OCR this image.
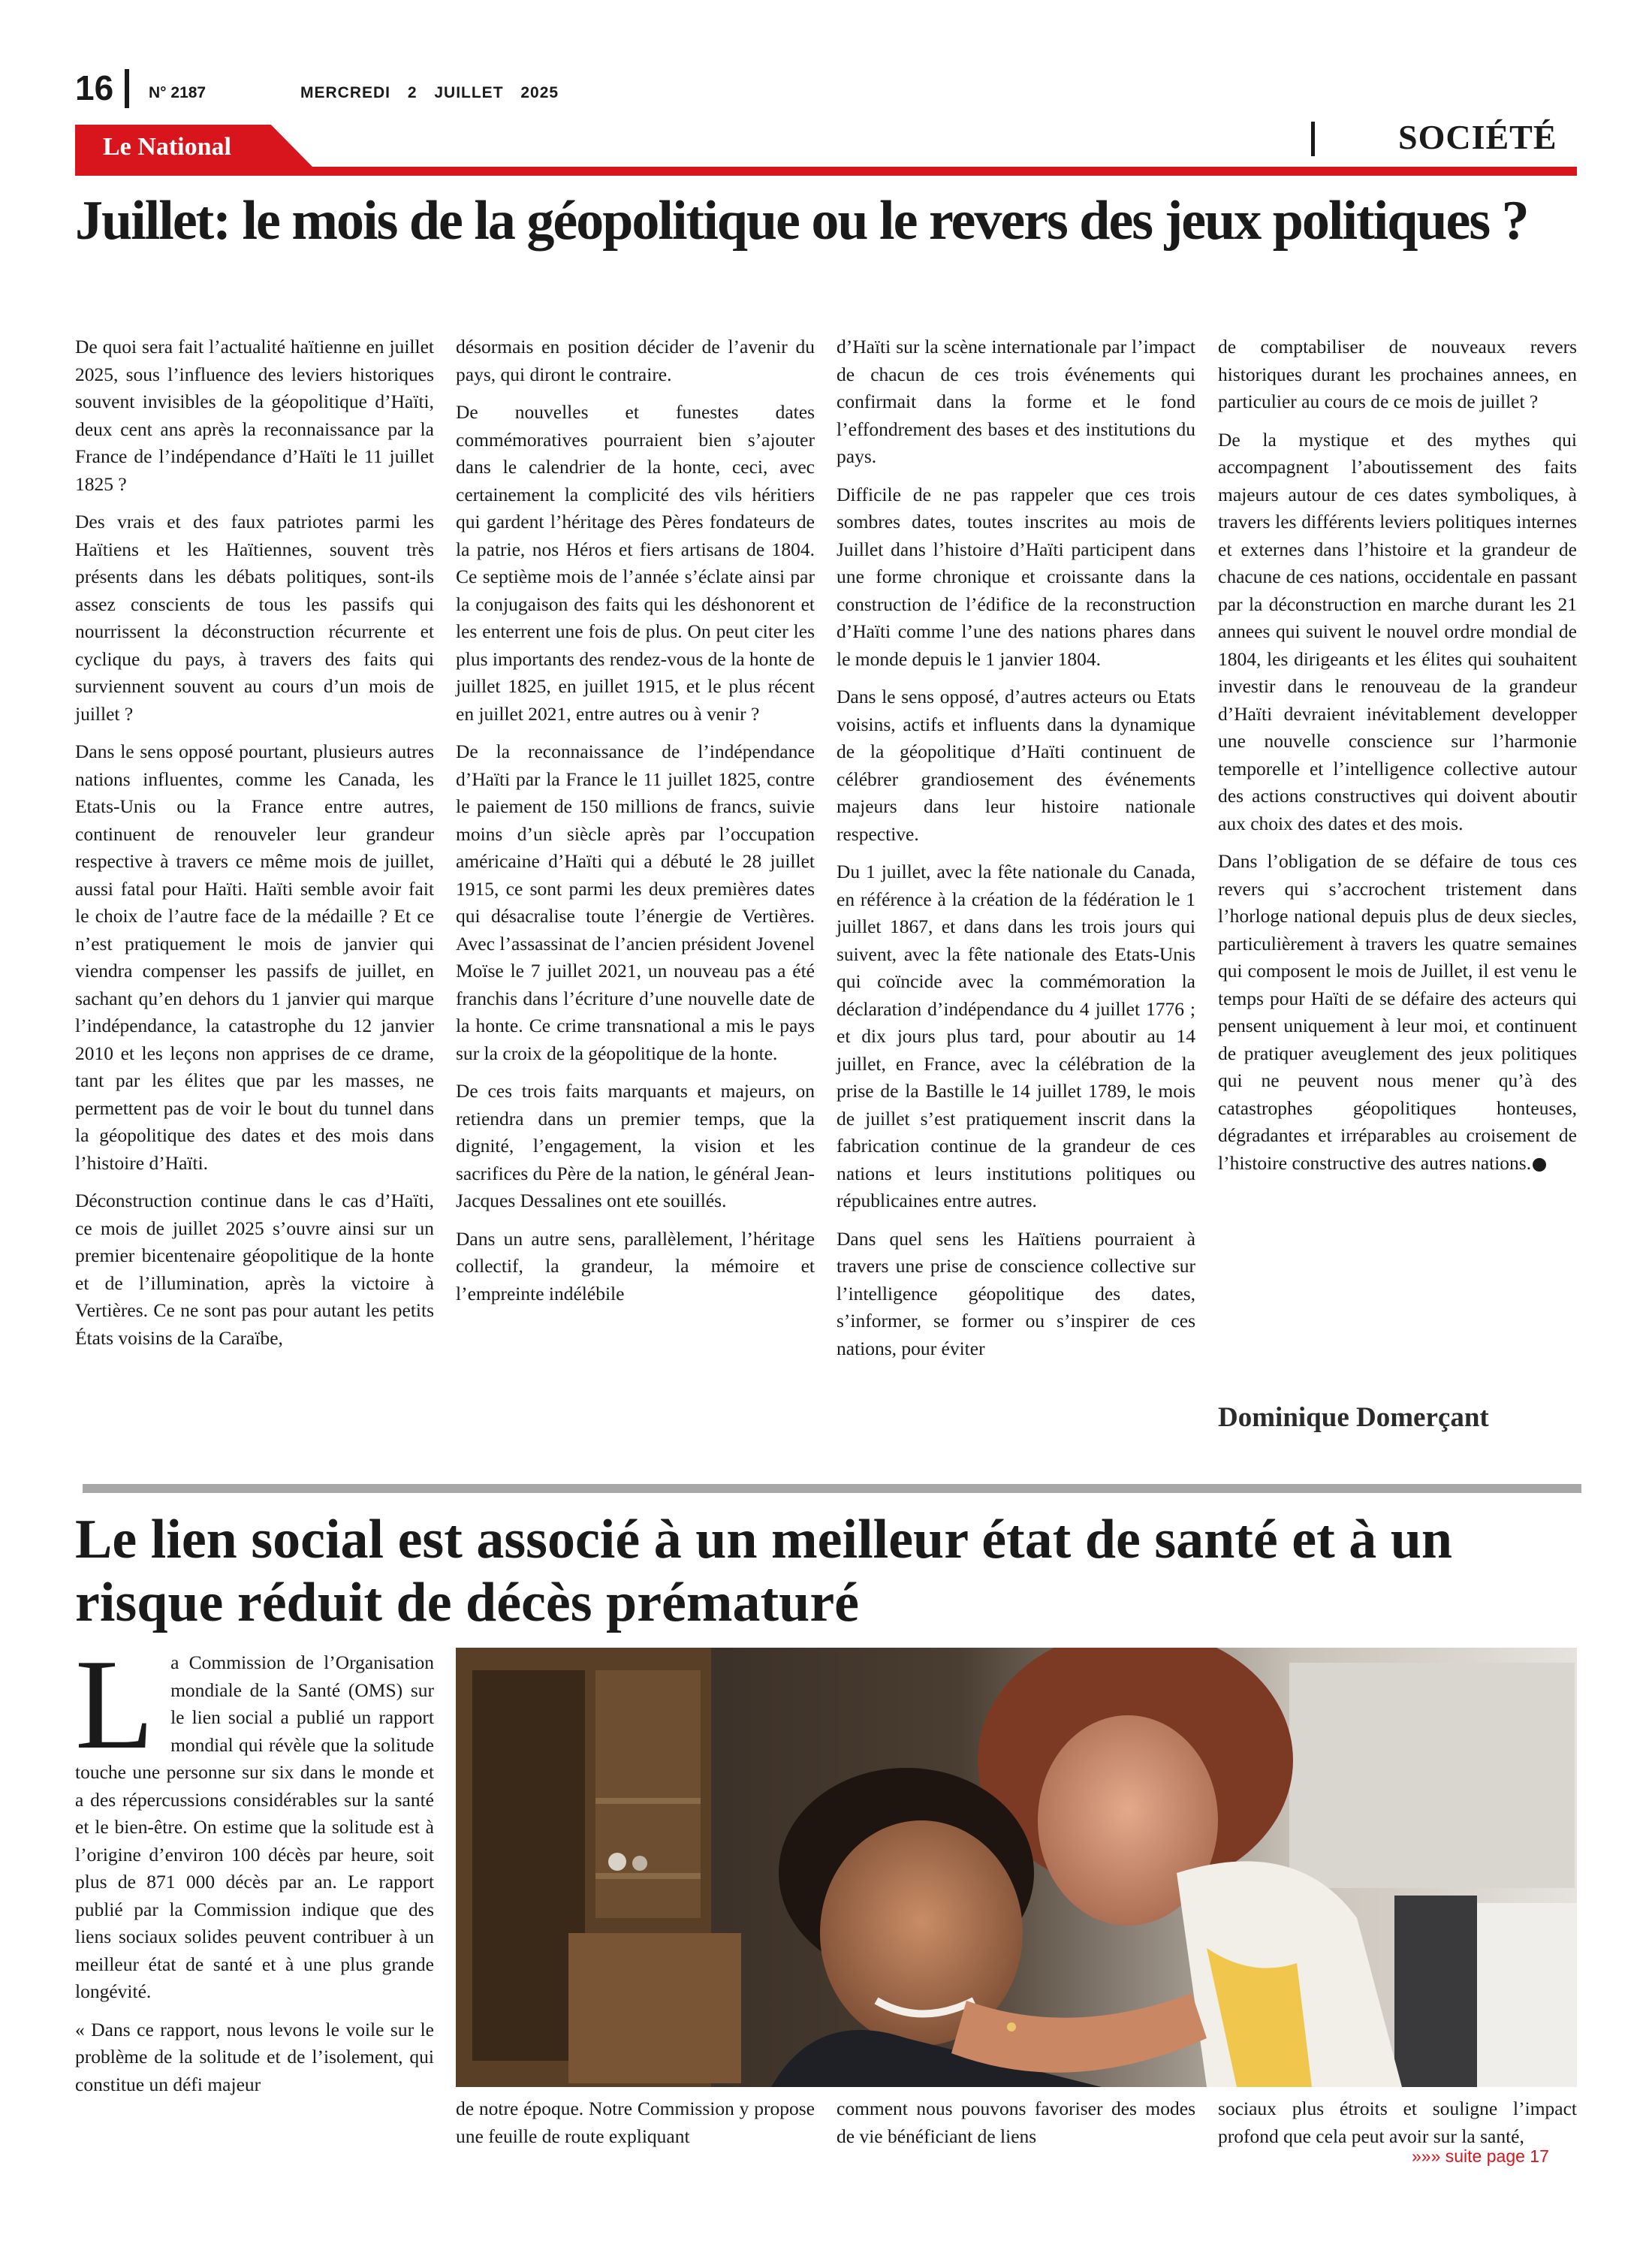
16 N° 2187	MERCREDI 2 JUILLET 2025
Le National	SOCIÉTÉ
Juillet: le mois de la géopolitique ou le revers des jeux politiques ?

De quoi sera fait l’actualité haïtienne en juillet 2025, sous l’influence des leviers historiques souvent invisibles de la géopolitique d’Haïti, deux cent ans après la reconnaissance par la France de l’indépendance d’Haïti le 11 juillet 1825 ?

Des vrais et des faux patriotes parmi les Haïtiens et les Haïtiennes, souvent très présents dans les débats politiques, sont-ils assez conscients de tous les passifs qui nourrissent la déconstruction récurrente et cyclique du pays, à travers des faits qui surviennent souvent au cours d’un mois de juillet ?

Dans le sens opposé pourtant, plusieurs autres nations influentes, comme les Canada, les Etats-Unis ou la France entre autres, continuent de renouveler leur grandeur respective à travers ce même mois de juillet, aussi fatal pour Haïti. Haïti semble avoir fait le choix de l’autre face de la médaille ? Et ce n’est pratiquement le mois de janvier qui viendra compenser les passifs de juillet, en sachant qu’en dehors du 1 janvier qui marque l’indépendance, la catastrophe du 12 janvier 2010 et les leçons non apprises de ce drame, tant par les élites que par les masses, ne permettent pas de voir le bout du tunnel dans la géopolitique des dates et des mois dans l’histoire d’Haïti.

Déconstruction continue dans le cas d’Haïti, ce mois de juillet 2025 s’ouvre ainsi sur un premier bicentenaire géopolitique de la honte et de l’illumination, après la victoire à Vertières. Ce ne sont pas pour autant les petits États voisins de la Caraïbe,

désormais en position décider de l’avenir du pays, qui diront le contraire.

De nouvelles et funestes dates commémoratives pourraient bien s’ajouter dans le calendrier de la honte, ceci, avec certainement la complicité des vils héritiers qui gardent l’héritage des Pères fondateurs de la patrie, nos Héros et fiers artisans de 1804. Ce septième mois de l’année s’éclate ainsi par la conjugaison des faits qui les déshonorent et les enterrent une fois de plus. On peut citer les plus importants des rendez-vous de la honte de juillet 1825, en juillet 1915, et le plus récent en juillet 2021, entre autres ou à venir ?

De la reconnaissance de l’indépendance d’Haïti par la France le 11 juillet 1825, contre le paiement de 150 millions de francs, suivie moins d’un siècle après par l’occupation américaine d’Haïti qui a débuté le 28 juillet 1915, ce sont parmi les deux premières dates qui désacralise toute l’énergie de Vertières. Avec l’assassinat de l’ancien président Jovenel Moïse le 7 juillet 2021, un nouveau pas a été franchis dans l’écriture d’une nouvelle date de la honte. Ce crime transnational a mis le pays sur la croix de la géopolitique de la honte.

De ces trois faits marquants et majeurs, on retiendra dans un premier temps, que la dignité, l’engagement, la vision et les sacrifices du Père de la nation, le général Jean-Jacques Dessalines ont ete souillés.

Dans un autre sens, parallèlement, l’héritage collectif, la grandeur, la mémoire et l’empreinte indélébile

d’Haïti sur la scène internationale par l’impact de chacun de ces trois événements qui confirmait dans la forme et le fond l’effondrement des bases et des institutions du pays.

Difficile de ne pas rappeler que ces trois sombres dates, toutes inscrites au mois de Juillet dans l’histoire d’Haïti participent dans une forme chronique et croissante dans la construction de l’édifice de la reconstruction d’Haïti comme l’une des nations phares dans le monde depuis le 1 janvier 1804.

Dans le sens opposé, d’autres acteurs ou Etats voisins, actifs et influents dans la dynamique de la géopolitique d’Haïti continuent de célébrer grandiosement des événements majeurs dans leur histoire nationale respective.

Du 1 juillet, avec la fête nationale du Canada, en référence à la création de la fédération le 1 juillet 1867, et dans dans les trois jours qui suivent, avec la fête nationale des Etats-Unis qui coïncide avec la commémoration la déclaration d’indépendance du 4 juillet 1776 ; et dix jours plus tard, pour aboutir au 14 juillet, en France, avec la célébration de la prise de la Bastille le 14 juillet 1789, le mois de juillet s’est pratiquement inscrit dans la fabrication continue de la grandeur de ces nations et leurs institutions politiques ou républicaines entre autres.

Dans quel sens les Haïtiens pourraient à travers une prise de conscience collective sur l’intelligence géopolitique des dates, s’informer, se former ou s’inspirer de ces nations, pour éviter

de comptabiliser de nouveaux revers historiques durant les prochaines annees, en particulier au cours de ce mois de juillet ?

De la mystique et des mythes qui accompagnent l’aboutissement des faits majeurs autour de ces dates symboliques, à travers les différents leviers politiques internes et externes dans l’histoire et la grandeur de chacune de ces nations, occidentale en passant par la déconstruction en marche durant les 21 annees qui suivent le nouvel ordre mondial de 1804, les dirigeants et les élites qui souhaitent investir dans le renouveau de la grandeur d’Haïti devraient inévitablement developper une nouvelle conscience sur l’harmonie temporelle et l’intelligence collective autour des actions constructives qui doivent aboutir aux choix des dates et des mois.

Dans l’obligation de se défaire de tous ces revers qui s’accrochent tristement dans l’horloge national depuis plus de deux siecles, particulièrement à travers les quatre semaines qui composent le mois de Juillet, il est venu le temps pour Haïti de se défaire des acteurs qui pensent uniquement à leur moi, et continuent de pratiquer aveuglement des jeux politiques qui ne peuvent nous mener qu’à des catastrophes géopolitiques honteuses, dégradantes et irréparables au croisement de l’histoire constructive des autres nations.

Dominique Domerçant
Le lien social est associé à un meilleur état de santé et à un risque réduit de décès prématuré

La Commission de l’Organisation mondiale de la Santé (OMS) sur le lien social a publié un rapport mondial qui révèle que la solitude touche une personne sur six dans le monde et a des répercussions considérables sur la santé et le bien-être. On estime que la solitude est à l’origine d’environ 100 décès par heure, soit plus de 871 000 décès par an. Le rapport publié par la Commission indique que des liens sociaux solides peuvent contribuer à un meilleur état de santé et à une plus grande longévité.

« Dans ce rapport, nous levons le voile sur le problème de la solitude et de l’isolement, qui constitue un défi majeur

de notre époque. Notre Commission y propose une feuille de route expliquant

comment nous pouvons favoriser des modes de vie bénéficiant de liens

sociaux plus étroits et souligne l’impact profond que cela peut avoir sur la santé,

»»» suite page 17
